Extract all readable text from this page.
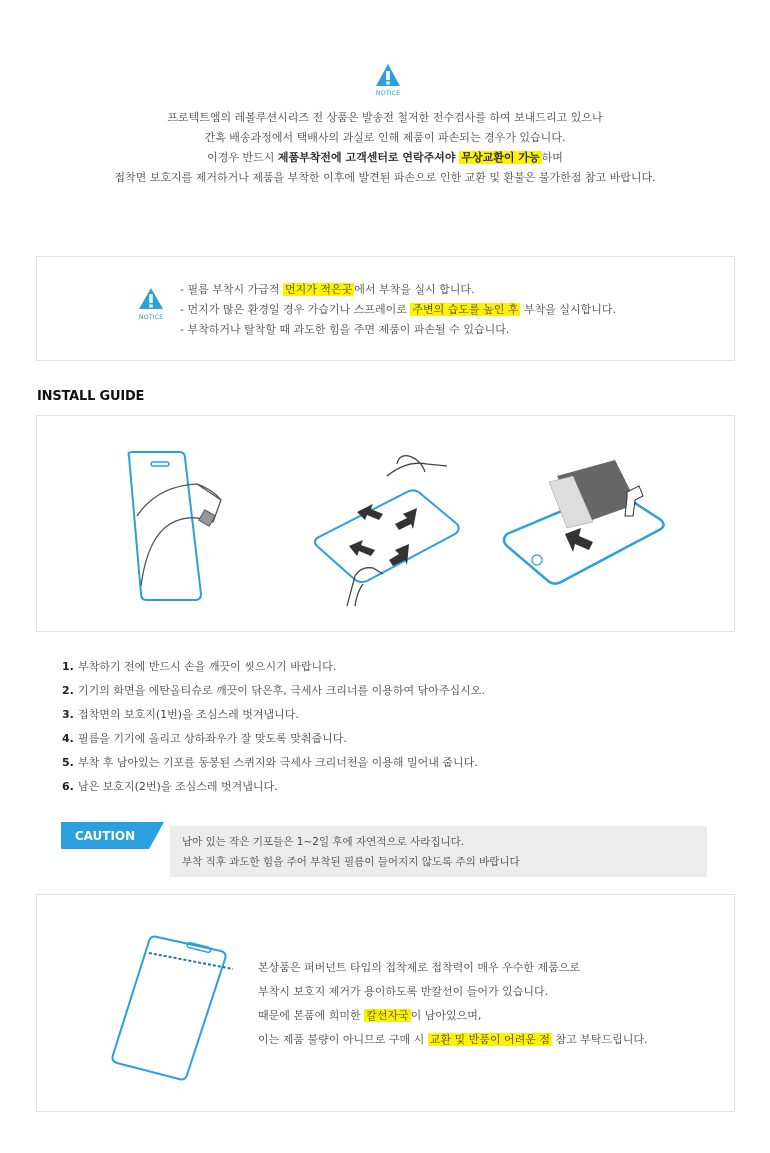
NOTICE
프로텍트엠의 레볼루션시리즈 전 상품은 발송전 철저한 전수검사를 하여 보내드리고 있으나
간혹 배송과정에서 택배사의 과실로 인해 제품이 파손되는 경우가 있습니다.
이경우 반드시 제품부착전에 고객센터로 연락주셔야 무상교환이 가능 하며
접착면 보호지를 제거하거나 제품을 부착한 이후에 발견된 파손으로 인한 교환 및 환불은 불가한점 참고 바랍니다.
NOTICE
- 필름 부착시 가급적 먼지가 적은곳 에서 부착을 실시 합니다.
- 먼지가 많은 환경일 경우 가습기나 스프레이로 주변의 습도를 높인 후 부착을 실시합니다.
- 부착하거나 탈착할 때 과도한 힘을 주면 제품이 파손될 수 있습니다.
INSTALL GUIDE
1. 부착하기 전에 반드시 손을 깨끗이 씻으시기 바랍니다.
2. 기기의 화면을 에탄올티슈로 깨끗이 닦은후, 극세사 크리너를 이용하여 닦아주십시오.
3. 접착면의 보호지(1번)을 조심스레 벗겨냅니다.
4. 필름을 기기에 올리고 상하좌우가 잘 맞도록 맞춰줍니다.
5. 부착 후 남아있는 기포를 동봉된 스퀴지와 극세사 크리너천을 이용해 밀어내 줍니다.
6. 남은 보호지(2번)을 조심스레 벗겨냅니다.
CAUTION	남아 있는 작은 기포들은 1~2일 후에 자연적으로 사라집니다.
부착 직후 과도한 힘을 주어 부착된 필름이 들어지지 않도록 주의 바랍니다
본상품은 퍼버넌트 타입의 접착제로 접착력이 매우 우수한 제품으로
부착시 보호지 제거가 용이하도록 반칼선이 들어가 있습니다.
때문에 본품에 희미한 칼선자국 이 남아있으며,
이는 제품 불량이 아니므로 구매 시 교환 및 반품이 어려운 점 참고 부탁드립니다.
